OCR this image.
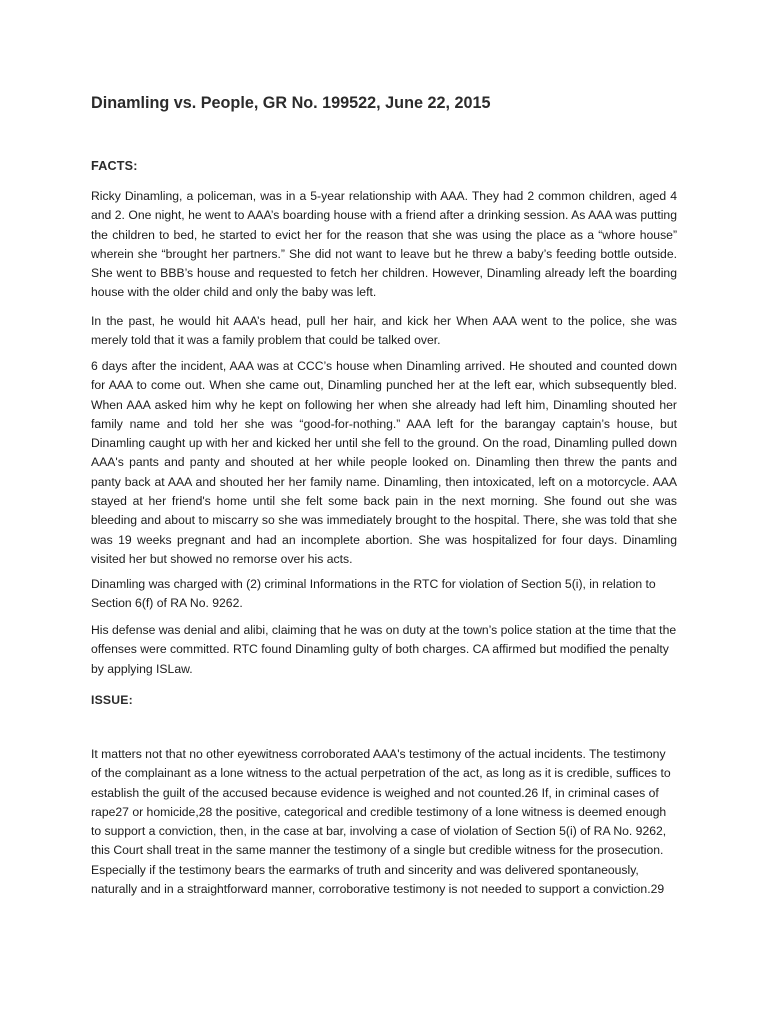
Dinamling vs. People, GR No. 199522, June 22, 2015
FACTS:

Ricky Dinamling, a policeman, was in a 5-year relationship with AAA. They had 2 common children, aged 4 and 2. One night, he went to AAA’s boarding house with a friend after a drinking session. As AAA was putting the children to bed, he started to evict her for the reason that she was using the place as a “whore house” wherein she “brought her partners.” She did not want to leave but he threw a baby’s feeding bottle outside. She went to BBB’s house and requested to fetch her children. However, Dinamling already left the boarding house with the older child and only the baby was left.

In the past, he would hit AAA’s head, pull her hair, and kick her When AAA went to the police, she was merely told that it was a family problem that could be talked over.

6 days after the incident, AAA was at CCC’s house when Dinamling arrived. He shouted and counted down for AAA to come out. When she came out, Dinamling punched her at the left ear, which subsequently bled. When AAA asked him why he kept on following her when she already had left him, Dinamling shouted her family name and told her she was “good-for-nothing.” AAA left for the barangay captain’s house, but Dinamling caught up with her and kicked her until she fell to the ground. On the road, Dinamling pulled down AAA's pants and panty and shouted at her while people looked on. Dinamling then threw the pants and panty back at AAA and shouted her her family name. Dinamling, then intoxicated, left on a motorcycle. AAA stayed at her friend's home until she felt some back pain in the next morning. She found out she was bleeding and about to miscarry so she was immediately brought to the hospital. There, she was told that she was 19 weeks pregnant and had an incomplete abortion. She was hospitalized for four days. Dinamling visited her but showed no remorse over his acts.

Dinamling was charged with (2) criminal Informations in the RTC for violation of Section 5(i), in relation to Section 6(f) of RA No. 9262.

His defense was denial and alibi, claiming that he was on duty at the town’s police station at the time that the offenses were committed. RTC found Dinamling gulty of both charges. CA affirmed but modified the penalty by applying ISLaw.

ISSUE:

It matters not that no other eyewitness corroborated AAA's testimony of the actual incidents. The testimony of the complainant as a lone witness to the actual perpetration of the act, as long as it is credible, suffices to establish the guilt of the accused because evidence is weighed and not counted.26 If, in criminal cases of rape27 or homicide,28 the positive, categorical and credible testimony of a lone witness is deemed enough to support a conviction, then, in the case at bar, involving a case of violation of Section 5(i) of RA No. 9262, this Court shall treat in the same manner the testimony of a single but credible witness for the prosecution. Especially if the testimony bears the earmarks of truth and sincerity and was delivered spontaneously, naturally and in a straightforward manner, corroborative testimony is not needed to support a conviction.29
